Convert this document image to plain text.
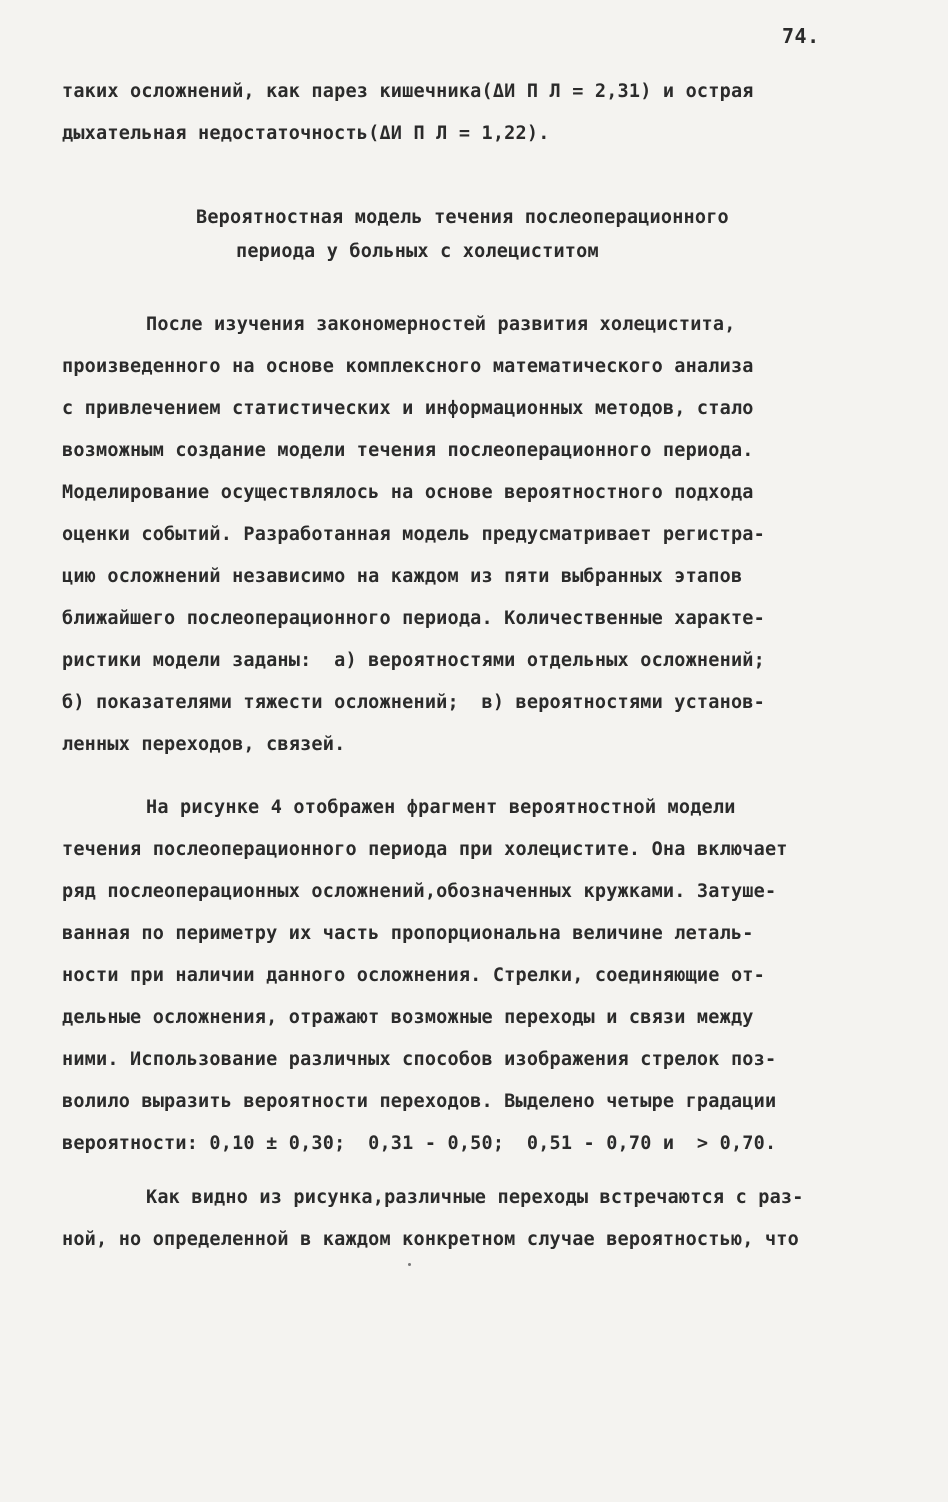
74.
таких осложнений, как парез кишечника(ΔИ П Л = 2,31) и острая
дыхательная недостаточность(ΔИ П Л = 1,22).
Вероятностная модель течения послеоперационного
периода у больных с холециститом
После изучения закономерностей развития холецистита,
произведенного на основе комплексного математического анализа
с привлечением статистических и информационных методов, стало
возможным создание модели течения послеоперационного периода.
Моделирование осуществлялось на основе вероятностного подхода
оценки событий. Разработанная модель предусматривает регистра-
цию осложнений независимо на каждом из пяти выбранных этапов
ближайшего послеоперационного периода. Количественные характе-
ристики модели заданы:  а) вероятностями отдельных осложнений;
б) показателями тяжести осложнений;  в) вероятностями установ-
ленных переходов, связей.
На рисунке 4 отображен фрагмент вероятностной модели
течения послеоперационного периода при холецистите. Она включает
ряд послеоперационных осложнений,обозначенных кружками. Затуше-
ванная по периметру их часть пропорциональна величине леталь-
ности при наличии данного осложнения. Стрелки, соединяющие от-
дельные осложнения, отражают возможные переходы и связи между
ними. Использование различных способов изображения стрелок поз-
волило выразить вероятности переходов. Выделено четыре градации
вероятности: 0,10 ± 0,30;  0,31 - 0,50;  0,51 - 0,70 и  > 0,70.
Как видно из рисунка,различные переходы встречаются с раз-
ной, но определенной в каждом конкретном случае вероятностью, что
